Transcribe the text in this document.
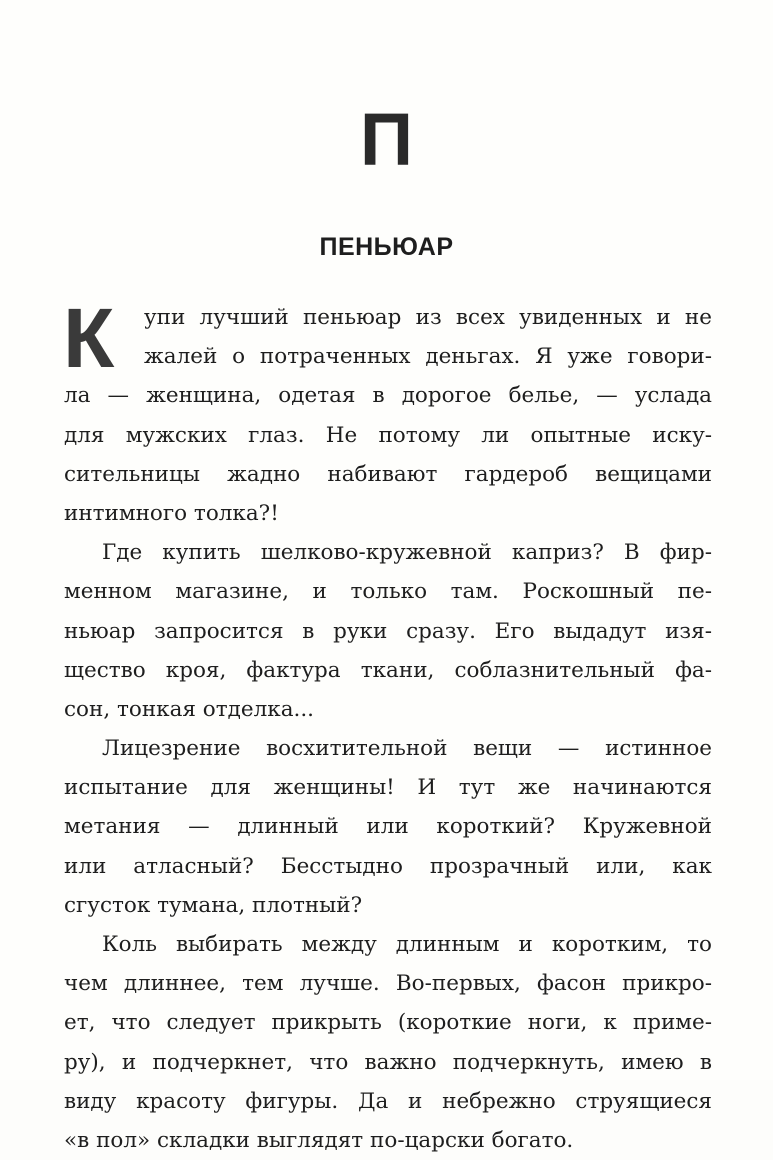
П
ПЕНЬЮАР
К	упи лучший пеньюар из всех увиденных и не
жалей о потраченных деньгах. Я уже говори-
ла — женщина, одетая в дорогое белье, — услада
для мужских глаз. Не потому ли опытные иску-
сительницы жадно набивают гардероб вещицами
интимного толка?!
Где купить шелково-кружевной каприз? В фир-
менном магазине, и только там. Роскошный пе-
ньюар запросится в руки сразу. Его выдадут изя-
щество кроя, фактура ткани, соблазнительный фа-
сон, тонкая отделка...
Лицезрение восхитительной вещи — истинное
испытание для женщины! И тут же начинаются
метания — длинный или короткий? Кружевной
или атласный? Бесстыдно прозрачный или, как
сгусток тумана, плотный?
Коль выбирать между длинным и коротким, то
чем длиннее, тем лучше. Во-первых, фасон прикро-
ет, что следует прикрыть (короткие ноги, к приме-
ру), и подчеркнет, что важно подчеркнуть, имею в
виду красоту фигуры. Да и небрежно струящиеся
«в пол» складки выглядят по-царски богато.
